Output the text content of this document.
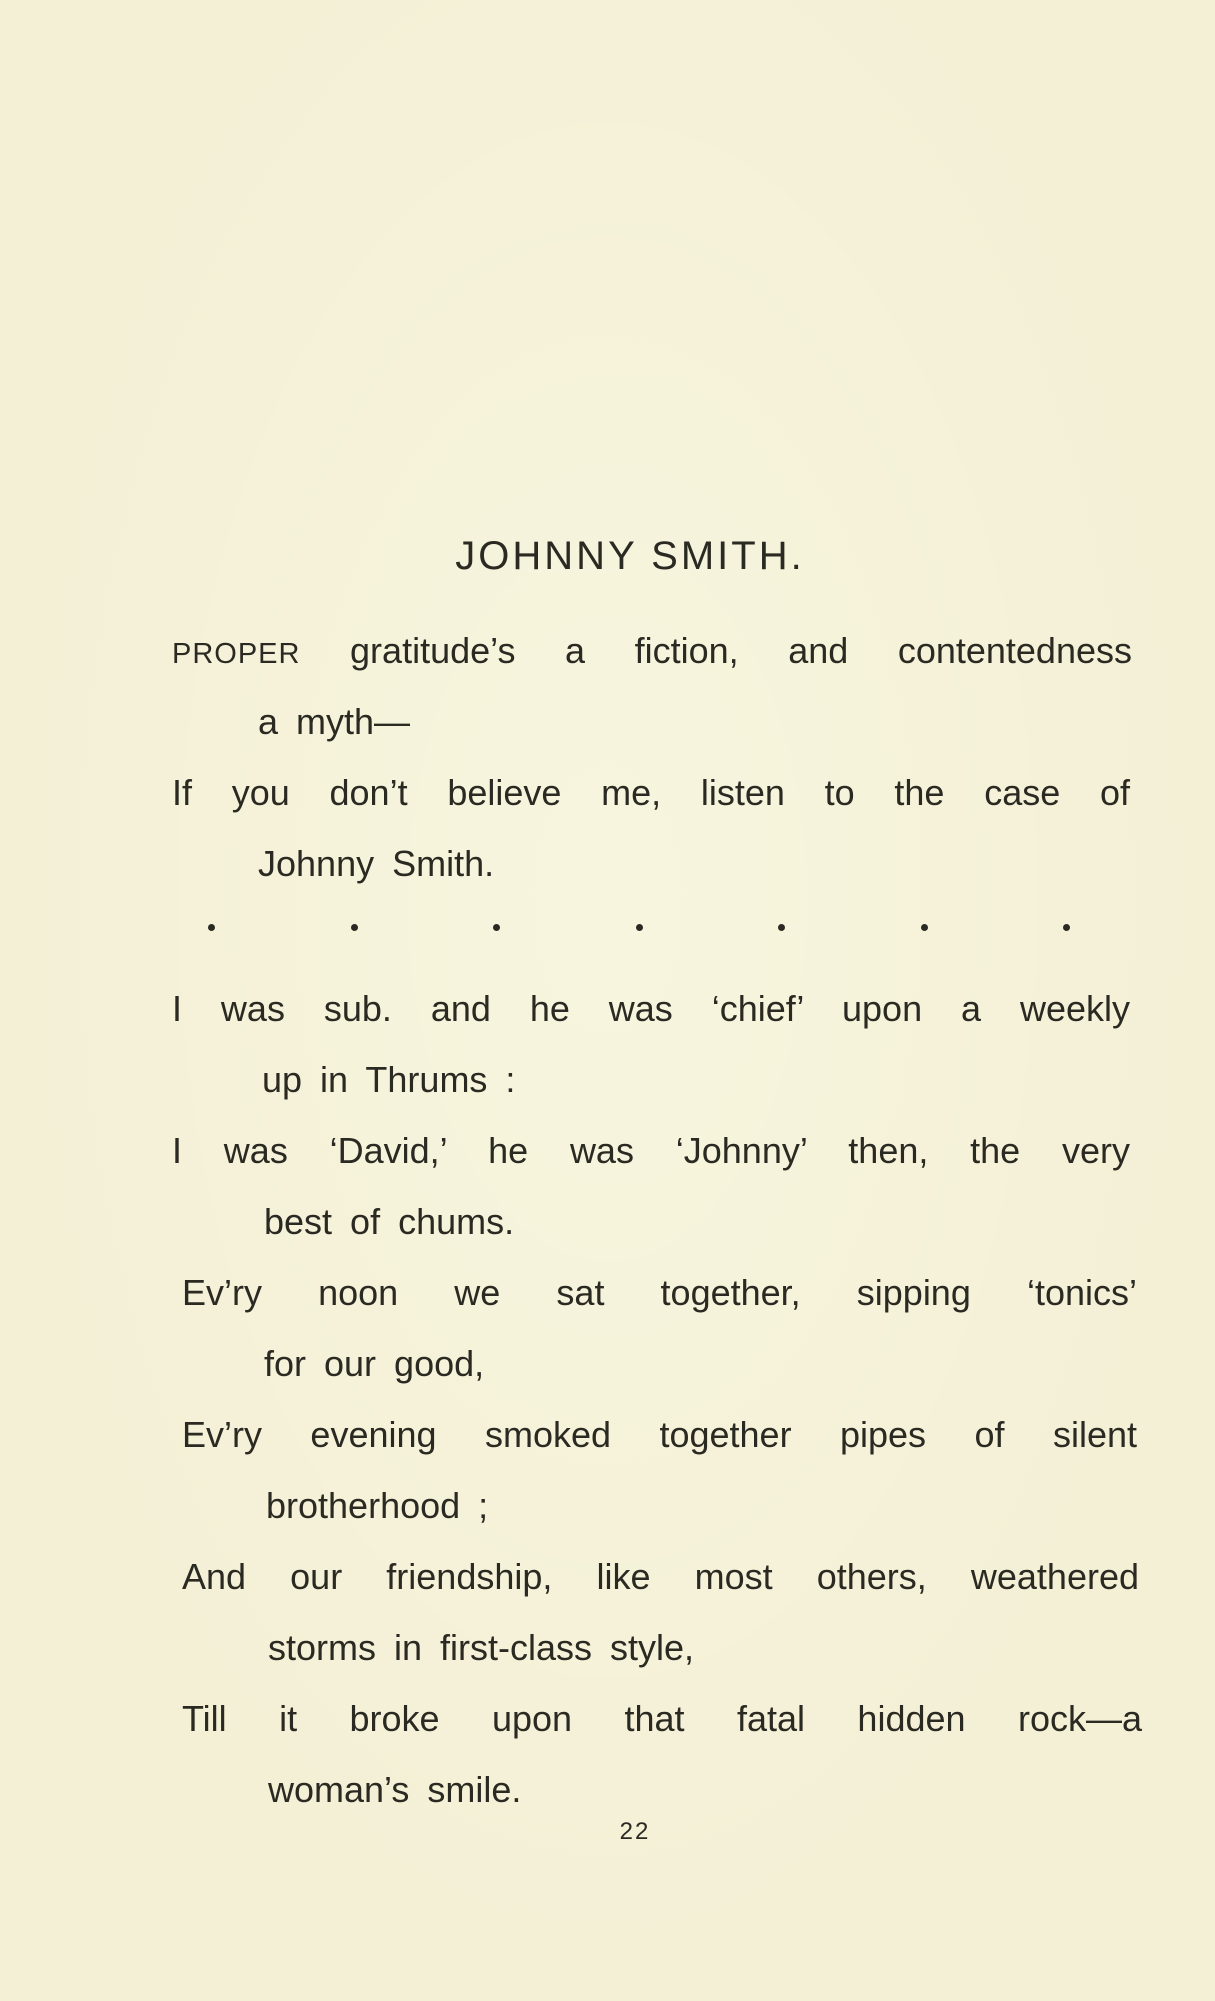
JOHNNY SMITH.
PROPER gratitude’s a fiction, and contentedness
a myth—
If you don’t believe me, listen to the case of
Johnny Smith.
I was sub. and he was ‘chief’ upon a weekly
up in Thrums :
I was ‘David,’ he was ‘Johnny’ then, the very
best of chums.
Ev’ry noon we sat together, sipping ‘tonics’
for our good,
Ev’ry evening smoked together pipes of silent
brotherhood ;
And our friendship, like most others, weathered
storms in first-class style,
Till it broke upon that fatal hidden rock—a
woman’s smile.
22
